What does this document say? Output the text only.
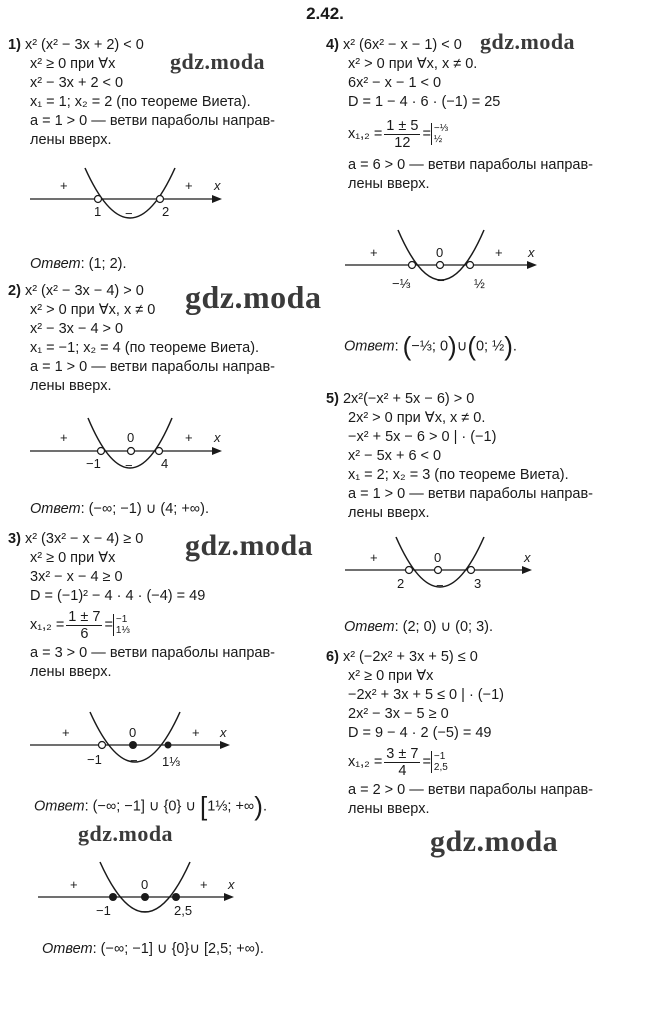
2.42.
1) x² (x² − 3x + 2) < 0
x² ≥ 0 при ∀x
x² − 3x + 2 < 0
x₁ = 1; x₂ = 2 (по теореме Виета).
a = 1 > 0 — ветви параболы направ-
лены вверх.
+
−
+
1	2
x
Ответ: (1; 2).
2) x² (x² − 3x − 4) > 0
x² > 0 при ∀x, x ≠ 0
x² − 3x − 4 > 0
x₁ = −1; x₂ = 4 (по теореме Виета).
a = 1 > 0 — ветви параболы направ-
лены вверх.
+
−
+
−1
0
4
x
Ответ: (−∞; −1) ∪ (4; +∞).
3) x² (3x² − x − 4) ≥ 0
x² ≥ 0 при ∀x
3x² − x − 4 ≥ 0
D = (−1)² − 4 · 4 · (−4) = 49
$x_1,_2 = \frac{1 \pm 7}{6} = -1$
1⅓
a = 3 > 0 — ветви параболы направ-
лены вверх.
+
−
+
−1
0
1⅓
x
Ответ: (−∞; −1] ∪ {0} ∪ [1⅓; +∞).
+
−
+
−1
0
2,5
x
Ответ: (−∞; −1] ∪ {0}∪ [2,5; +∞).
4) x² (6x² − x − 1) < 0
x² > 0 при ∀x, x ≠ 0.
6x² − x − 1 < 0
D = 1 − 4 · 6 · (−1) = 25
$x_1,_2 = \frac{1 \pm 5}{12}$ = −⅓
½
a = 6 > 0 — ветви параболы направ-
лены вверх.
+
−
+
−⅓
0
½
x
Ответ: (−⅓; 0)∪(0; ½).
5) 2x²(−x² + 5x − 6) > 0
2x² > 0 при ∀x, x ≠ 0.
−x² + 5x − 6 > 0 | · (−1)
x² − 5x + 6 < 0
x₁ = 2; x₂ = 3 (по теореме Виета).
a = 1 > 0 — ветви параболы направ-
лены вверх.
+
−
2
0
3
x
Ответ: (2; 0) ∪ (0; 3).
6) x² (−2x² + 3x + 5) ≤ 0
x² ≥ 0 при ∀x
−2x² + 3x + 5 ≤ 0 | · (−1)
2x² − 3x − 5 ≥ 0
D = 9 − 4 · 2 (−5) = 49
$x_1,_2 = \frac{3 \pm 7}{4} = -1$
2,5
a = 2 > 0 — ветви параболы направ-
лены вверх.
gdz.moda
gdz.moda
gdz.moda
gdz.moda
gdz.moda	gdz.moda
